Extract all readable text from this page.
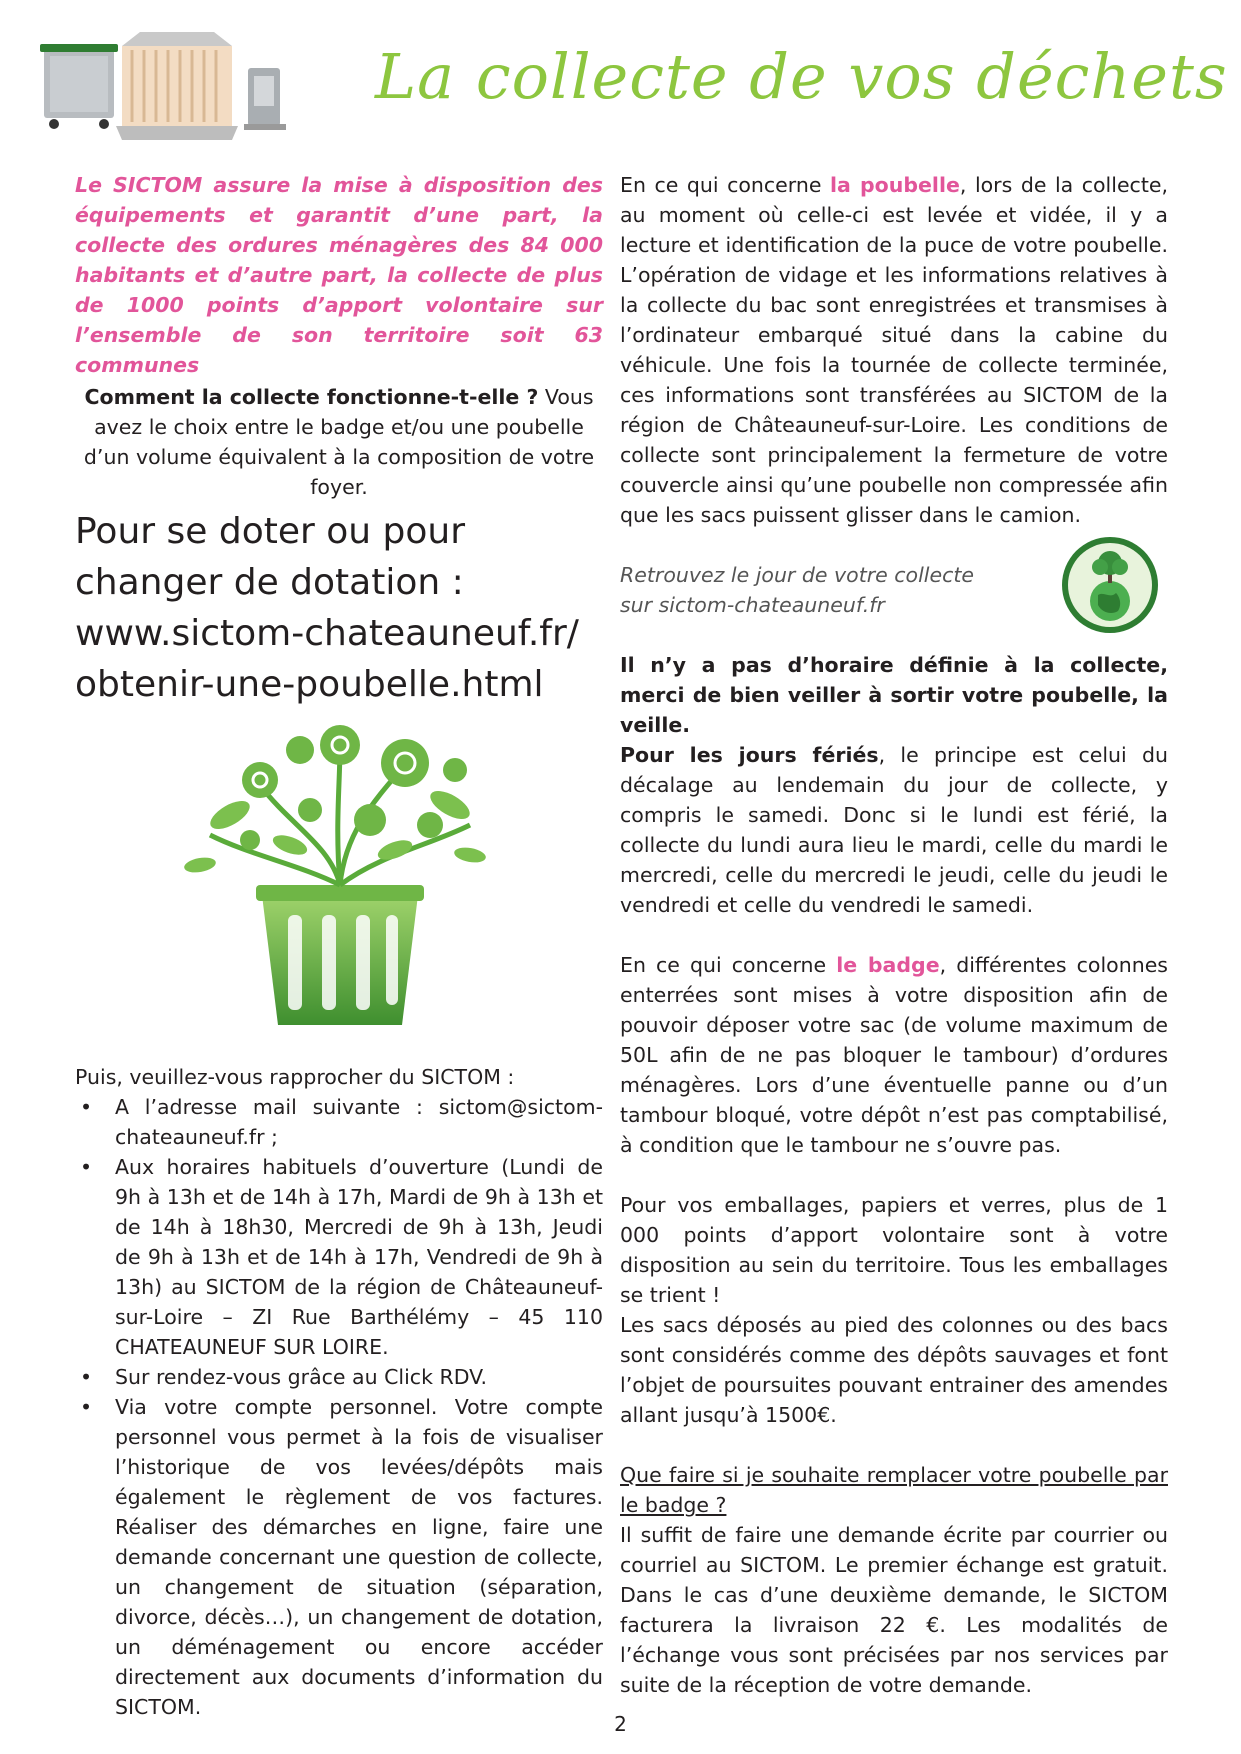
La collecte de vos déchets

Le SICTOM assure la mise à disposition des équipements et garantit d’une part, la collecte des ordures ménagères des 84 000 habitants et d’autre part, la collecte de plus de 1000 points d’apport volontaire sur l’ensemble de son territoire soit 63 communes

Comment la collecte fonctionne-t-elle ? Vous avez le choix entre le badge et/ou une poubelle d’un volume équivalent à la composition de votre foyer.

Pour se doter ou pour changer de dotation :
www.sictom-chateauneuf.fr/
obtenir-une-poubelle.html

Puis, veuillez-vous rapprocher du SICTOM :

• A l’adresse mail suivante : sictom@sictom-chateauneuf.fr ;
• Aux horaires habituels d’ouverture (Lundi de 9h à 13h et de 14h à 17h, Mardi de 9h à 13h et de 14h à 18h30, Mercredi de 9h à 13h, Jeudi de 9h à 13h et de 14h à 17h, Vendredi de 9h à 13h) au SICTOM de la région de Châteauneuf-sur-Loire – ZI Rue Barthélémy – 45 110 CHATEAUNEUF SUR LOIRE.
• Sur rendez-vous grâce au Click RDV.
• Via votre compte personnel. Votre compte personnel vous permet à la fois de visualiser l’historique de vos levées/dépôts mais également le règlement de vos factures. Réaliser des démarches en ligne, faire une demande concernant une question de collecte, un changement de situation (séparation, divorce, décès…), un changement de dotation, un déménagement ou encore accéder directement aux documents d’information du SICTOM.

En ce qui concerne la poubelle, lors de la collecte, au moment où celle-ci est levée et vidée, il y a lecture et identification de la puce de votre poubelle. L’opération de vidage et les informations relatives à la collecte du bac sont enregistrées et transmises à l’ordinateur embarqué situé dans la cabine du véhicule. Une fois la tournée de collecte terminée, ces informations sont transférées au SICTOM de la région de Châteauneuf-sur-Loire. Les conditions de collecte sont principalement la fermeture de votre couvercle ainsi qu’une poubelle non compressée afin que les sacs puissent glisser dans le camion.

Retrouvez le jour de votre collecte sur sictom-chateauneuf.fr

Il n’y a pas d’horaire définie à la collecte, merci de bien veiller à sortir votre poubelle, la veille.

Pour les jours fériés, le principe est celui du décalage au lendemain du jour de collecte, y compris le samedi. Donc si le lundi est férié, la collecte du lundi aura lieu le mardi, celle du mardi le mercredi, celle du mercredi le jeudi, celle du jeudi le vendredi et celle du vendredi le samedi.

En ce qui concerne le badge, différentes colonnes enterrées sont mises à votre disposition afin de pouvoir déposer votre sac (de volume maximum de 50L afin de ne pas bloquer le tambour) d’ordures ménagères. Lors d’une éventuelle panne ou d’un tambour bloqué, votre dépôt n’est pas comptabilisé, à condition que le tambour ne s’ouvre pas.

Pour vos emballages, papiers et verres, plus de 1 000 points d’apport volontaire sont à votre disposition au sein du territoire. Tous les emballages se trient !

Les sacs déposés au pied des colonnes ou des bacs sont considérés comme des dépôts sauvages et font l’objet de poursuites pouvant entrainer des amendes allant jusqu’à 1500€.

Que faire si je souhaite remplacer votre poubelle par le badge ?
Il suffit de faire une demande écrite par courrier ou courriel au SICTOM. Le premier échange est gratuit. Dans le cas d’une deuxième demande, le SICTOM facturera la livraison 22 €. Les modalités de l’échange vous sont précisées par nos services par suite de la réception de votre demande.
2
